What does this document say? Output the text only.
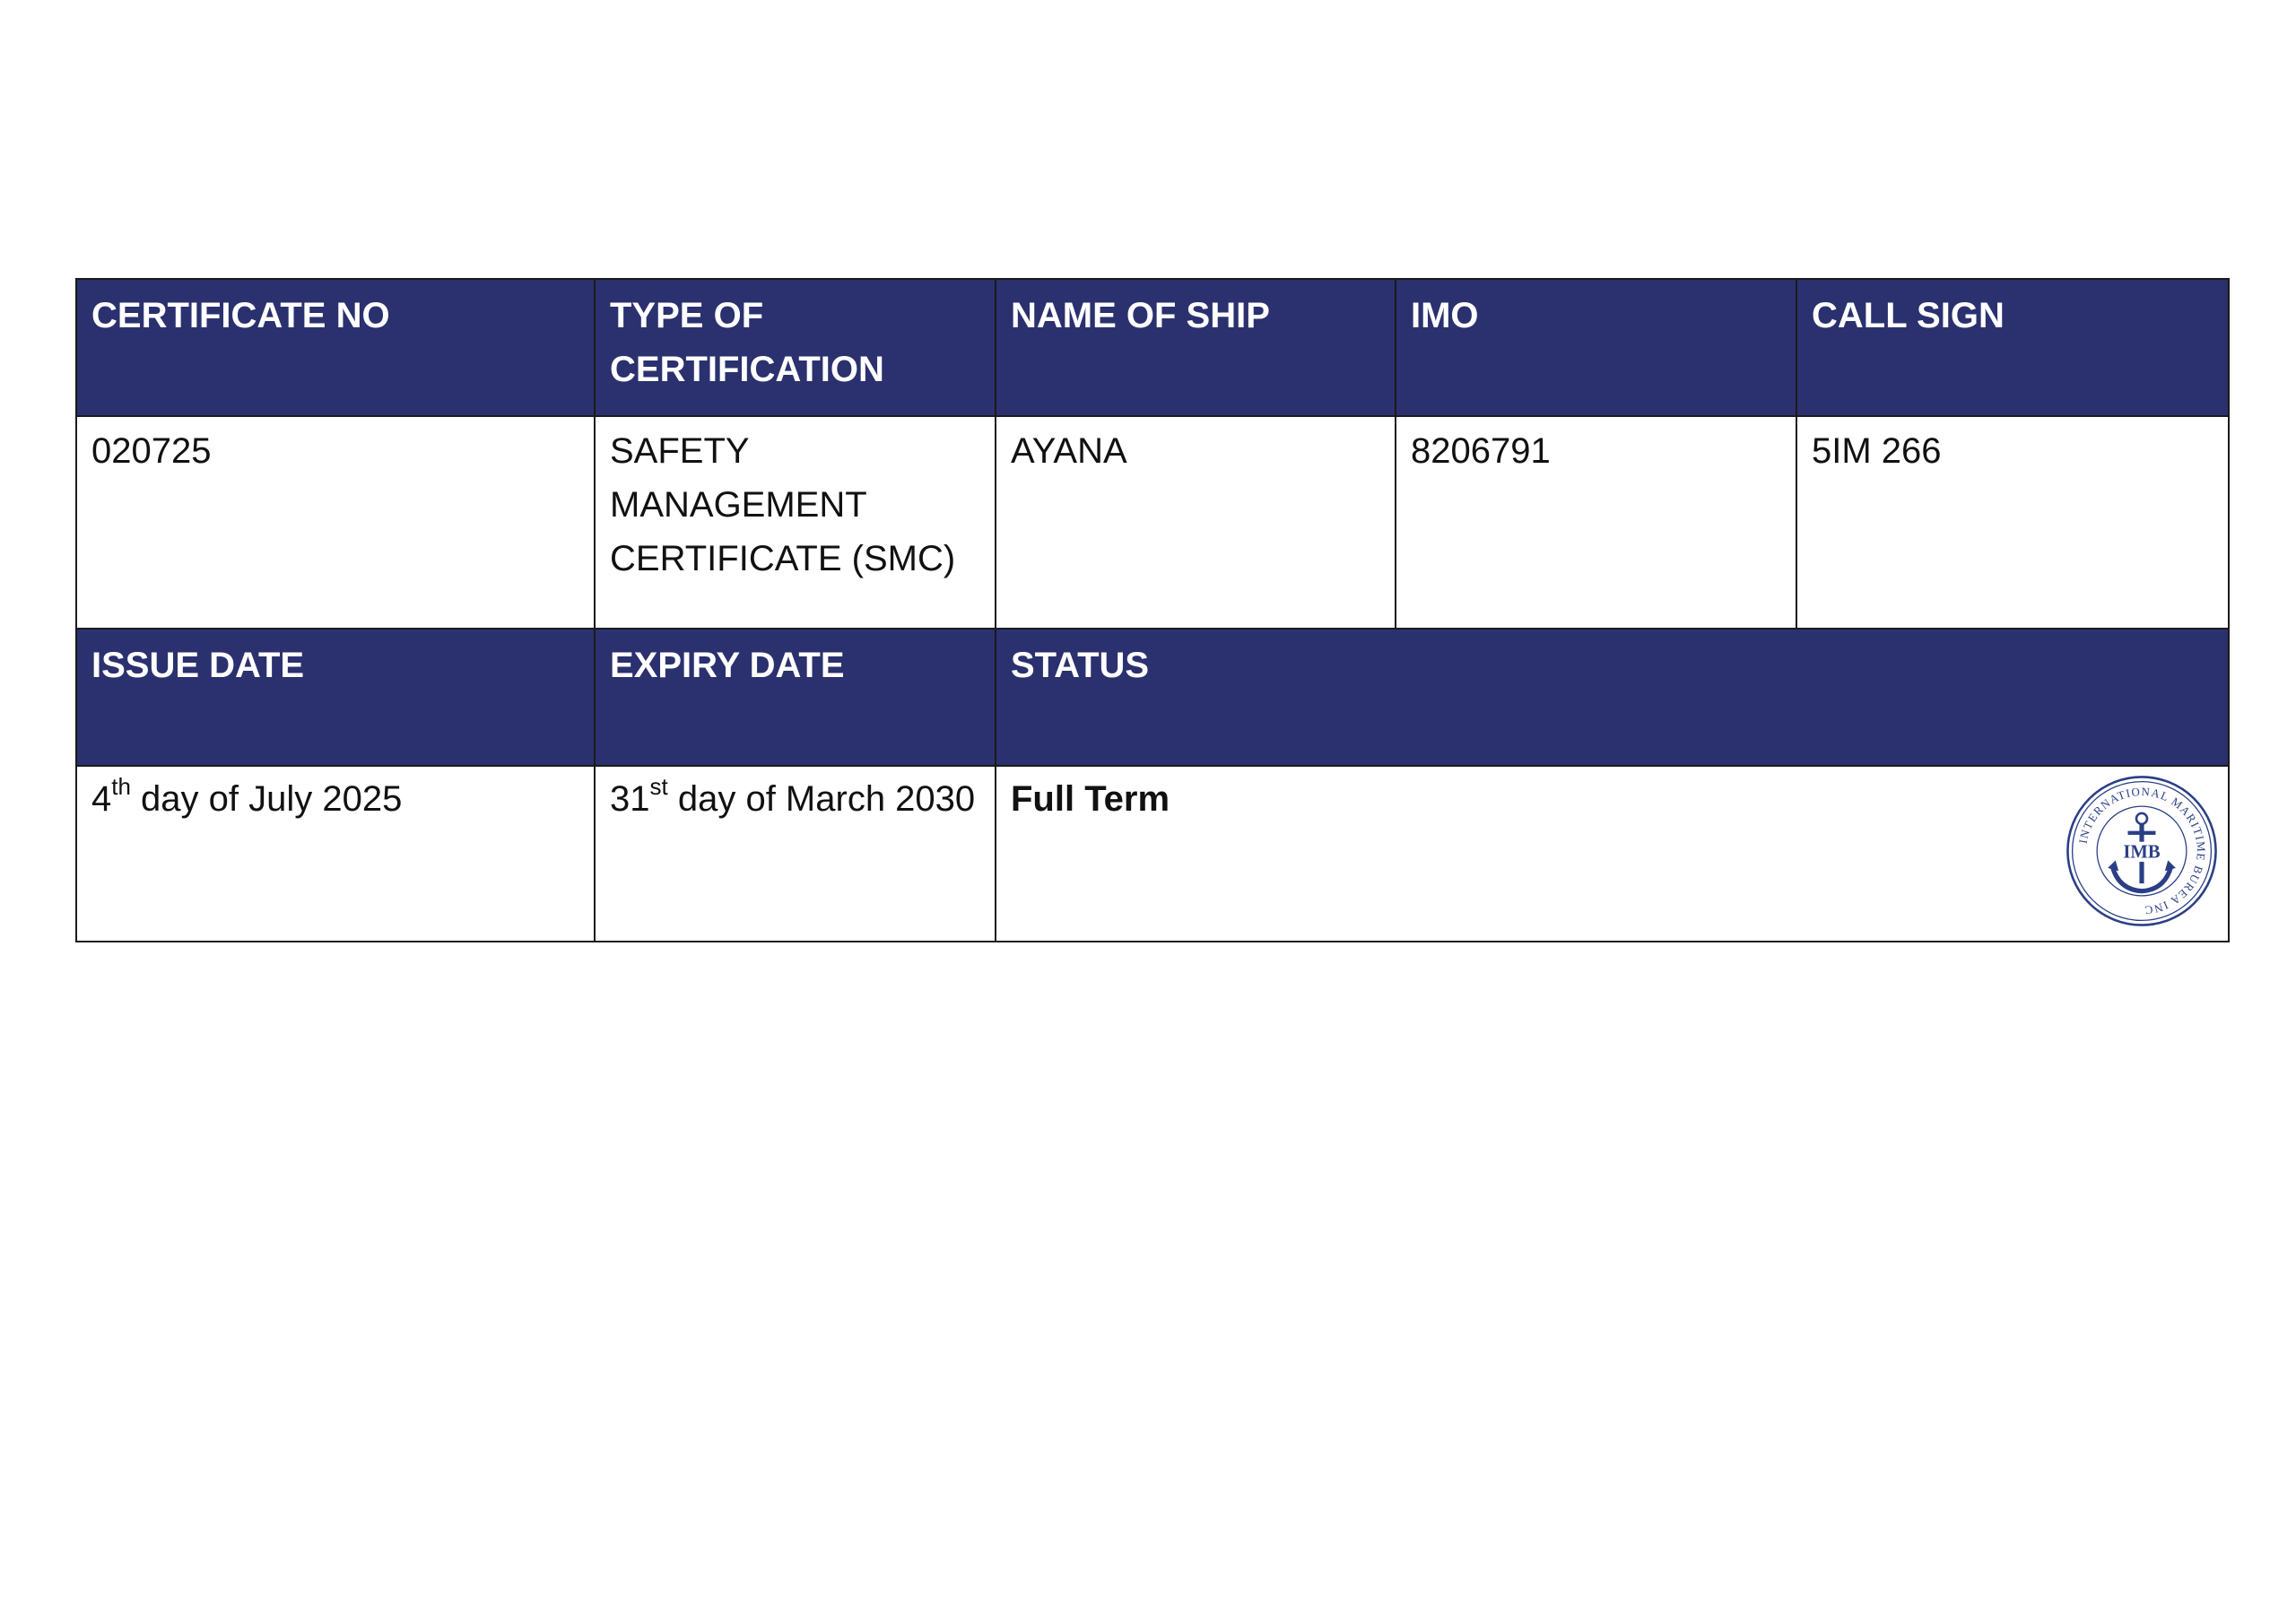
CERTIFICATE NO	TYPE OF CERTIFICATION	NAME OF SHIP	IMO	CALL SIGN
020725	SAFETY MANAGEMENT CERTIFICATE (SMC)	AYANA	8206791	5IM 266
ISSUE DATE	EXPIRY DATE	STATUS		
4th day of July 2025	31st day of March 2030	Full Term
INTERNATIONAL MARITIME BUREA INC
IMB		
